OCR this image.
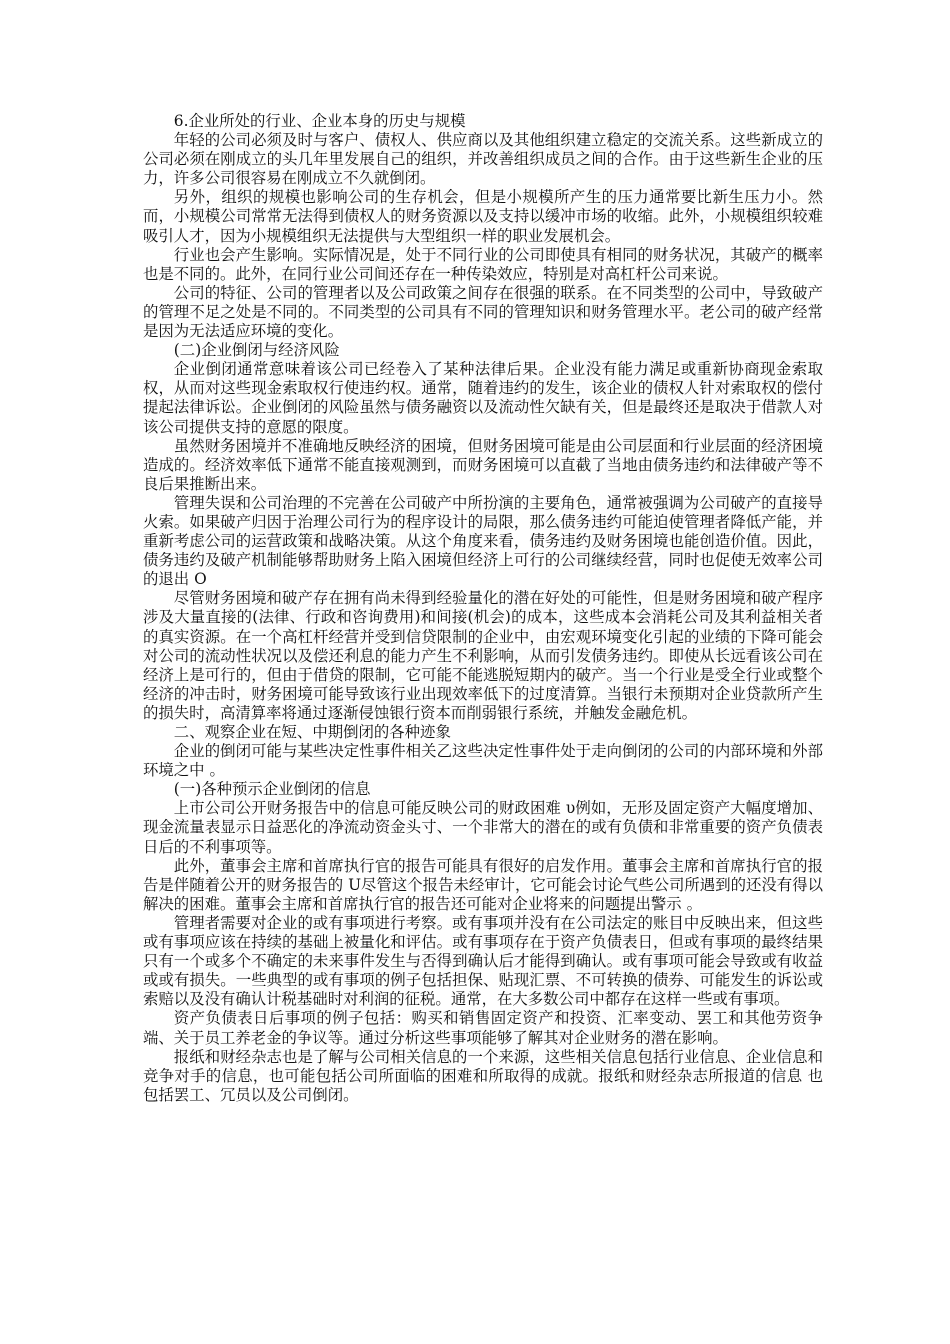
6.企业所处的行业、企业本身的历史与规模

年轻的公司必须及时与客户、债权人、供应商以及其他组织建立稳定的交流关系。这些新成立的公司必须在刚成立的头几年里发展自己的组织，并改善组织成员之间的合作。由于这些新生企业的压力，许多公司很容易在刚成立不久就倒闭。

另外，组织的规模也影响公司的生存机会，但是小规模所产生的压力通常要比新生压力小。然而，小规模公司常常无法得到债权人的财务资源以及支持以缓冲市场的收缩。此外，小规模组织较难吸引人才，因为小规模组织无法提供与大型组织一样的职业发展机会。

行业也会产生影响。实际情况是，处于不同行业的公司即使具有相同的财务状况，其破产的概率也是不同的。此外，在同行业公司间还存在一种传染效应，特别是对高杠杆公司来说。

公司的特征、公司的管理者以及公司政策之间存在很强的联系。在不同类型的公司中，导致破产的管理不足之处是不同的。不同类型的公司具有不同的管理知识和财务管理水平。老公司的破产经常是因为无法适应环境的变化。

(二)企业倒闭与经济风险

企业倒闭通常意味着该公司已经卷入了某种法律后果。企业没有能力满足或重新协商现金索取权，从而对这些现金索取权行使违约权。通常，随着违约的发生，该企业的债权人针对索取权的偿付提起法律诉讼。企业倒闭的风险虽然与债务融资以及流动性欠缺有关，但是最终还是取决于借款人对该公司提供支持的意愿的限度。

虽然财务困境并不准确地反映经济的困境，但财务困境可能是由公司层面和行业层面的经济困境造成的。经济效率低下通常不能直接观测到，而财务困境可以直截了当地由债务违约和法律破产等不良后果推断出来。

管理失误和公司治理的不完善在公司破产中所扮演的主要角色，通常被强调为公司破产的直接导火索。如果破产归因于治理公司行为的程序设计的局限，那么债务违约可能迫使管理者降低产能，并重新考虑公司的运营政策和战略决策。从这个角度来看，债务违约及财务困境也能创造价值。因此，债务违约及破产机制能够帮助财务上陷入困境但经济上可行的公司继续经营，同时也促使无效率公司的退出 O

尽管财务困境和破产存在拥有尚未得到经验量化的潜在好处的可能性，但是财务困境和破产程序涉及大量直接的(法律、行政和咨询费用)和间接(机会)的成本，这些成本会消耗公司及其利益相关者的真实资源。在一个高杠杆经营并受到信贷限制的企业中，由宏观环境变化引起的业绩的下降可能会对公司的流动性状况以及偿还利息的能力产生不利影响，从而引发债务违约。即使从长远看该公司在经济上是可行的，但由于借贷的限制，它可能不能逃脱短期内的破产。当一个行业是受全行业或整个经济的冲击时，财务困境可能导致该行业出现效率低下的过度清算。当银行未预期对企业贷款所产生的损失时，高清算率将通过逐渐侵蚀银行资本而削弱银行系统，并触发金融危机。

二、观察企业在短、中期倒闭的各种迹象

企业的倒闭可能与某些决定性事件相关乙这些决定性事件处于走向倒闭的公司的内部环境和外部环境之中 。

(一)各种预示企业倒闭的信息

上市公司公开财务报告中的信息可能反映公司的财政困难 υ例如，无形及固定资产大幅度增加、现金流量表显示日益恶化的净流动资金头寸、一个非常大的潜在的或有负债和非常重要的资产负债表日后的不利事项等。

此外，董事会主席和首席执行官的报告可能具有很好的启发作用。董事会主席和首席执行官的报告是伴随着公开的财务报告的 U尽管这个报告未经审计，它可能会讨论气些公司所遇到的还没有得以解决的困难。董事会主席和首席执行官的报告还可能对企业将来的问题提出警示 。

管理者需要对企业的或有事项进行考察。或有事项并没有在公司法定的账目中反映出来，但这些或有事项应该在持续的基础上被量化和评估。或有事项存在于资产负债表日，但或有事项的最终结果只有一个或多个不确定的未来事件发生与否得到确认后才能得到确认。或有事项可能会导致或有收益或或有损失。一些典型的或有事项的例子包括担保、贴现汇票、不可转换的债券、可能发生的诉讼或索赔以及没有确认计税基础时对利润的征税。通常，在大多数公司中都存在这样一些或有事项。

资产负债表日后事项的例子包括：购买和销售固定资产和投资、汇率变动、罢工和其他劳资争端、关于员工养老金的争议等。通过分析这些事项能够了解其对企业财务的潜在影响。

报纸和财经杂志也是了解与公司相关信息的一个来源，这些相关信息包括行业信息、企业信息和竞争对手的信息，也可能包括公司所面临的困难和所取得的成就。报纸和财经杂志所报道的信息 也包括罢工、冗员以及公司倒闭。
